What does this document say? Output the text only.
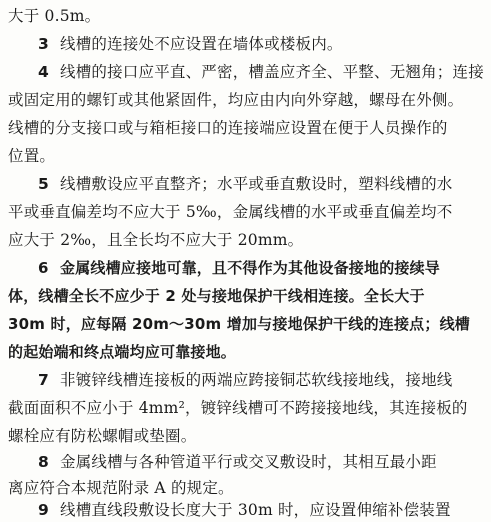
大于 0.5m。
3 线槽的连接处不应设置在墙体或楼板内。
4 线槽的接口应平直、严密，槽盖应齐全、平整、无翘角；连接
或固定用的螺钉或其他紧固件，均应由内向外穿越，螺母在外侧。
线槽的分支接口或与箱柜接口的连接端应设置在便于人员操作的
位置。
5 线槽敷设应平直整齐；水平或垂直敷设时，塑料线槽的水
平或垂直偏差均不应大于 5‰，金属线槽的水平或垂直偏差均不
应大于 2‰，且全长均不应大于 20mm。
6 金属线槽应接地可靠，且不得作为其他设备接地的接续导
体，线槽全长不应少于 2 处与接地保护干线相连接。全长大于
30m 时，应每隔 20m～30m 增加与接地保护干线的连接点；线槽
的起始端和终点端均应可靠接地。
7 非镀锌线槽连接板的两端应跨接铜芯软线接地线，接地线
截面面积不应小于 4mm²，镀锌线槽可不跨接接地线，其连接板的
螺栓应有防松螺帽或垫圈。
8 金属线槽与各种管道平行或交叉敷设时，其相互最小距
离应符合本规范附录 A 的规定。
9 线槽直线段敷设长度大于 30m 时，应设置伸缩补偿装置
